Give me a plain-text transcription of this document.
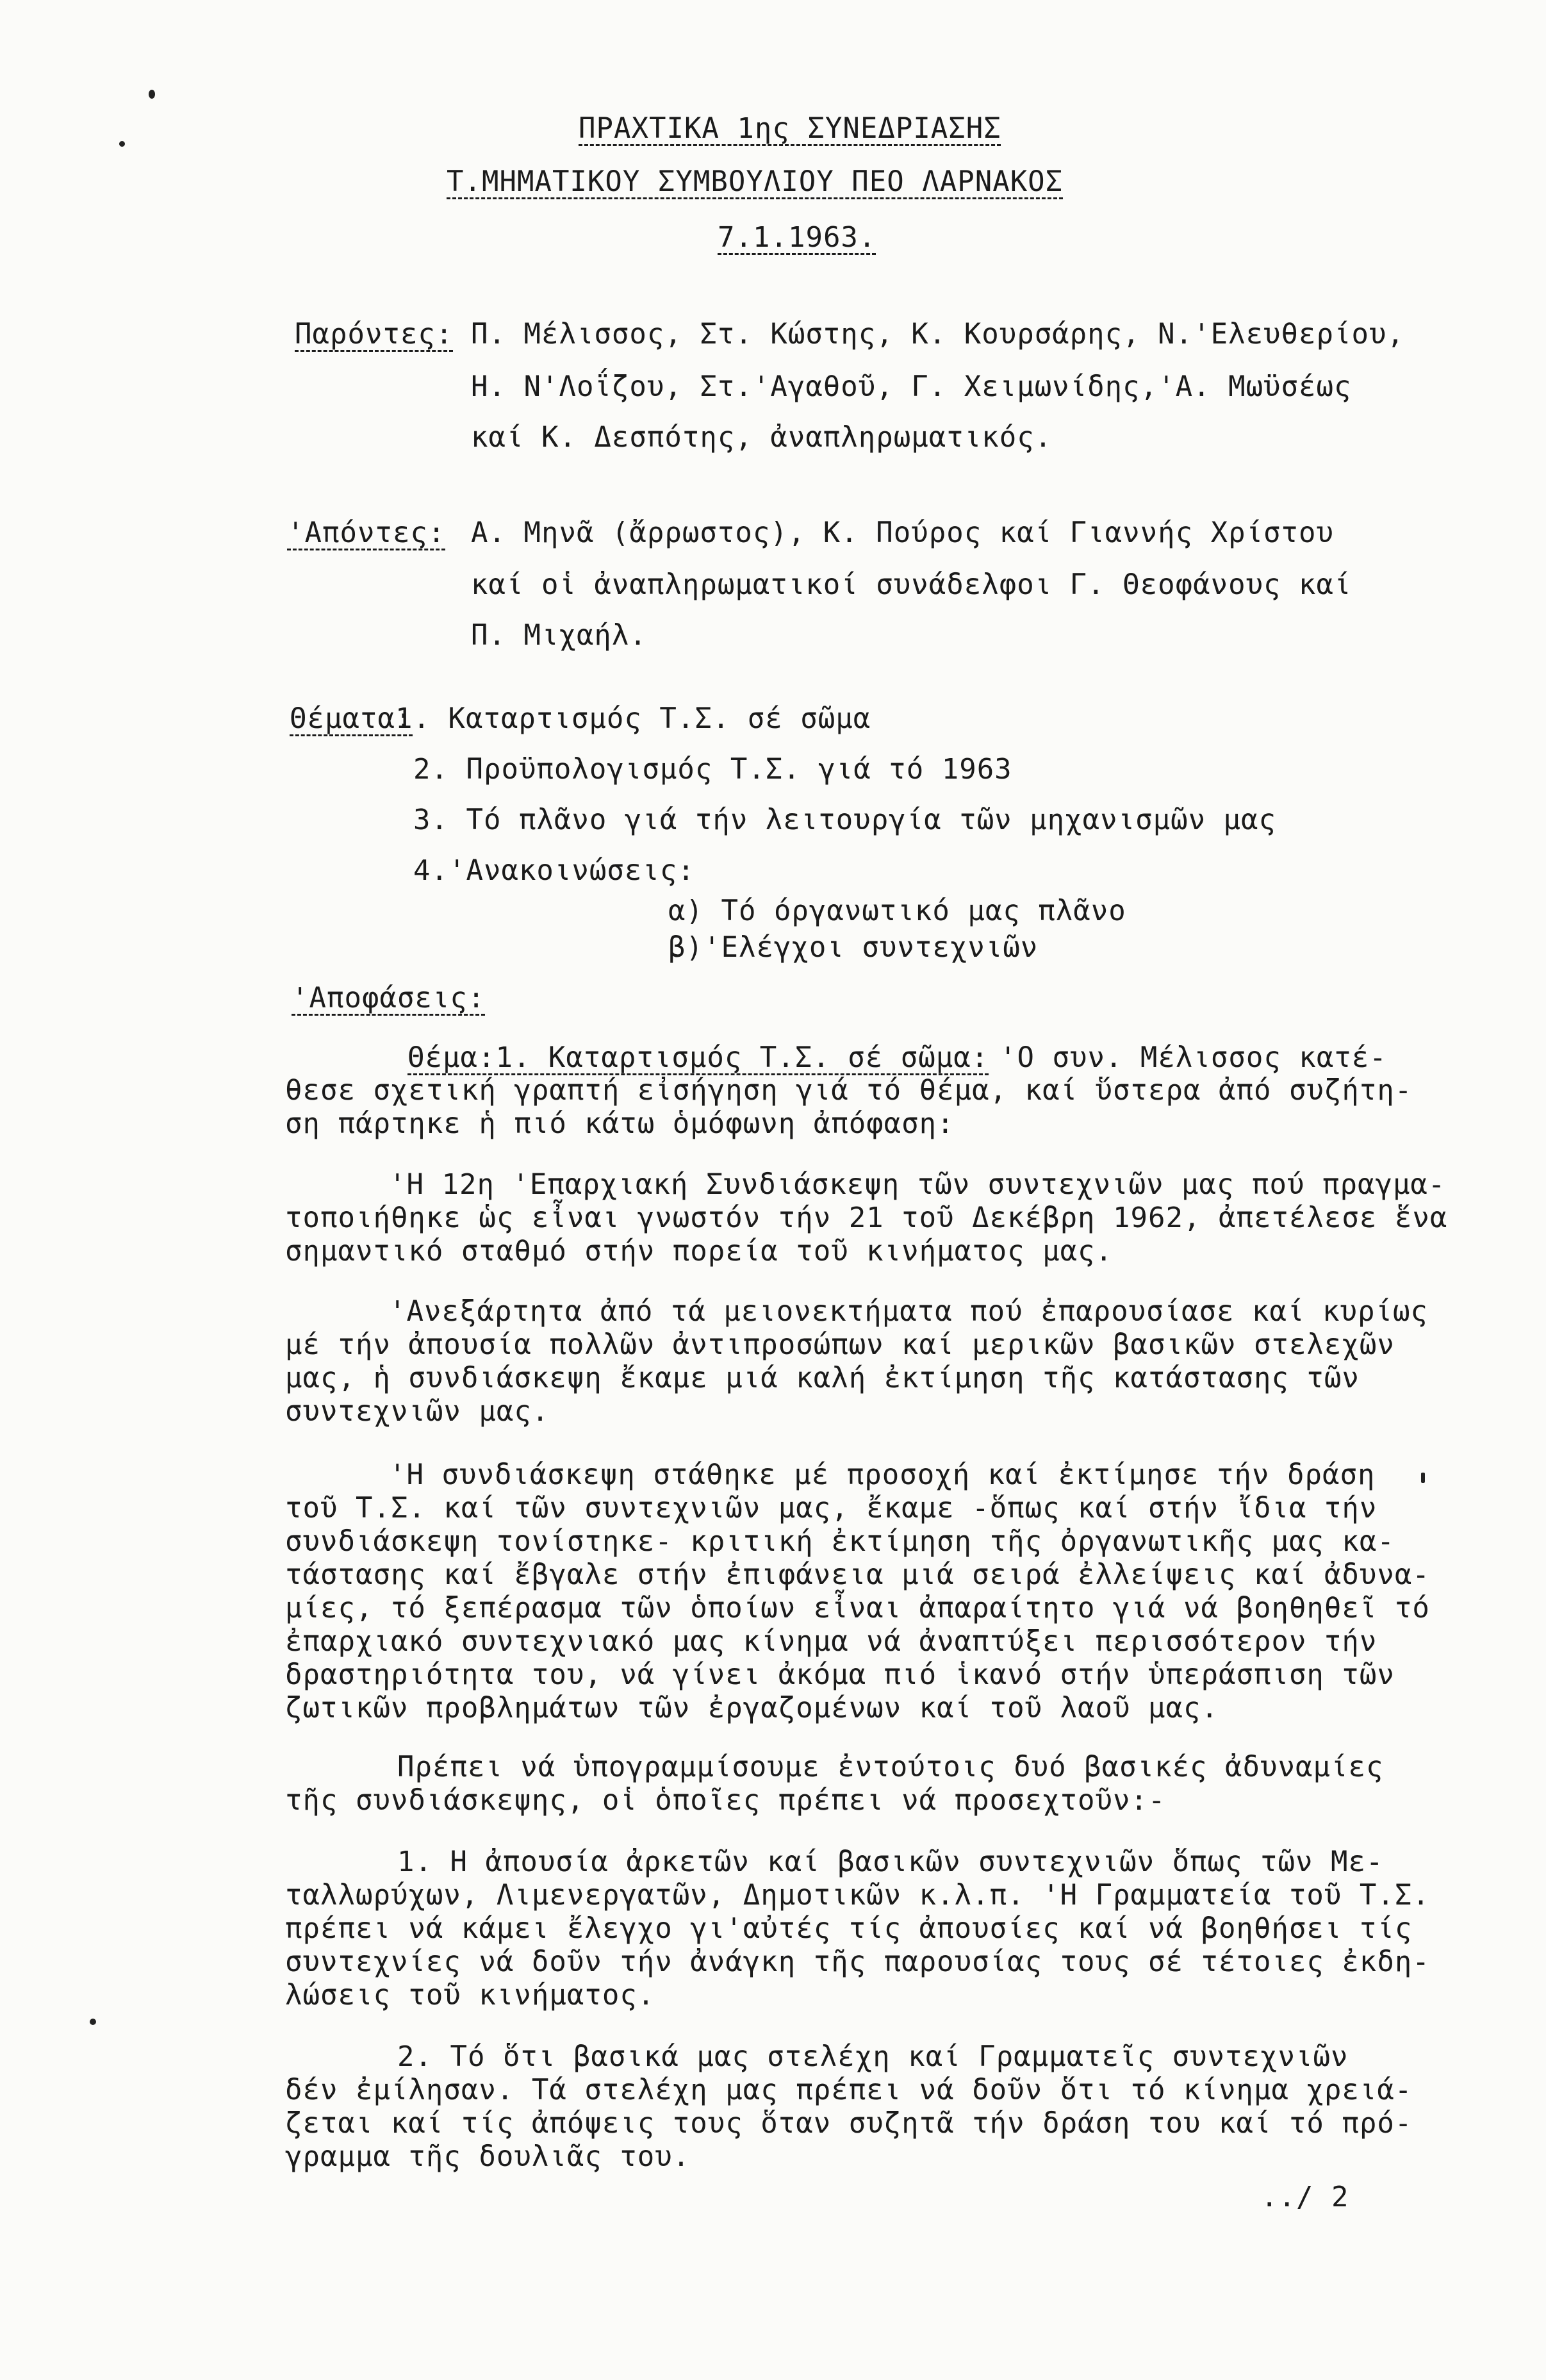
ΠΡΑΧΤΙΚΑ 1ης ΣΥΝΕΔΡΙΑΣΗΣ
Τ.ΜΗΜΑΤΙΚΟΥ ΣΥΜΒΟΥΛΙΟΥ ΠΕΟ ΛΑΡΝΑΚΟΣ
7.1.1963.
Παρόντες: Π. Μέλισσος, Στ. Κώστης, Κ. Κουρσάρης, Ν.'Ελευθερίου,
Η. Ν'Λοΐζου, Στ.'Αγαθοῦ, Γ. Χειμωνίδης,'Α. Μωϋσέως
καί Κ. Δεσπότης, ἀναπληρωματικός.
'Απόντες: Α. Μηνᾶ (ἄρρωστος), Κ. Πούρος καί Γιαννής Χρίστου
καί οἱ ἀναπληρωματικοί συνάδελφοι Γ. Θεοφάνους καί
Π. Μιχαήλ.
Θέματα:
1. Καταρτισμός Τ.Σ. σέ σῶμα
2. Προϋπολογισμός Τ.Σ. γιά τό 1963
3. Τό πλᾶνο γιά τήν λειτουργία τῶν μηχανισμῶν μας
4.'Ανακοινώσεις:
α) Τό όργανωτικό μας πλᾶνο
β)'Ελέγχοι συντεχνιῶν
'Αποφάσεις:
Θέμα:1. Καταρτισμός Τ.Σ. σέ σῶμα: 'Ο συν. Μέλισσος κατέ-
θεσε σχετική γραπτή εἰσήγηση γιά τό θέμα, καί ὕστερα ἀπό συζήτη-
ση πάρτηκε ἡ πιό κάτω ὁμόφωνη ἀπόφαση:
'Η 12η 'Επαρχιακή Συνδιάσκεψη τῶν συντεχνιῶν μας πού πραγμα-
τοποιήθηκε ὡς εἶναι γνωστόν τήν 21 τοῦ Δεκέβρη 1962, ἀπετέλεσε ἕνα
σημαντικό σταθμό στήν πορεία τοῦ κινήματος μας.
'Ανεξάρτητα ἀπό τά μειονεκτήματα πού ἐπαρουσίασε καί κυρίως
μέ τήν ἀπουσία πολλῶν ἀντιπροσώπων καί μερικῶν βασικῶν στελεχῶν
μας, ἡ συνδιάσκεψη ἔκαμε μιά καλή ἐκτίμηση τῆς κατάστασης τῶν
συντεχνιῶν μας.
'Η συνδιάσκεψη στάθηκε μέ προσοχή καί ἐκτίμησε τήν δράση
τοῦ Τ.Σ. καί τῶν συντεχνιῶν μας, ἔκαμε -ὅπως καί στήν ἴδια τήν
συνδιάσκεψη τονίστηκε- κριτική ἐκτίμηση τῆς ὀργανωτικῆς μας κα-
τάστασης καί ἔβγαλε στήν ἐπιφάνεια μιά σειρά ἐλλείψεις καί ἀδυνα-
μίες, τό ξεπέρασμα τῶν ὁποίων εἶναι ἀπαραίτητο γιά νά βοηθηθεῖ τό
ἐπαρχιακό συντεχνιακό μας κίνημα νά ἀναπτύξει περισσότερον τήν
δραστηριότητα του, νά γίνει ἀκόμα πιό ἱκανό στήν ὑπεράσπιση τῶν
ζωτικῶν προβλημάτων τῶν ἐργαζομένων καί τοῦ λαοῦ μας.
Πρέπει νά ὑπογραμμίσουμε ἐντούτοις δυό βασικές ἀδυναμίες
τῆς συνδιάσκεψης, οἱ ὁποῖες πρέπει νά προσεχτοῦν:-
1. Η ἀπουσία ἀρκετῶν καί βασικῶν συντεχνιῶν ὅπως τῶν Με-
ταλλωρύχων, Λιμενεργατῶν, Δημοτικῶν κ.λ.π. 'Η Γραμματεία τοῦ Τ.Σ.
πρέπει νά κάμει ἔλεγχο γι'αὐτές τίς ἀπουσίες καί νά βοηθήσει τίς
συντεχνίες νά δοῦν τήν ἀνάγκη τῆς παρουσίας τους σέ τέτοιες ἐκδη-
λώσεις τοῦ κινήματος.
2. Τό ὅτι βασικά μας στελέχη καί Γραμματεῖς συντεχνιῶν
δέν ἐμίλησαν. Τά στελέχη μας πρέπει νά δοῦν ὅτι τό κίνημα χρειά-
ζεται καί τίς ἀπόψεις τους ὅταν συζητᾶ τήν δράση του καί τό πρό-
γραμμα τῆς δουλιᾶς του.
../ 2
